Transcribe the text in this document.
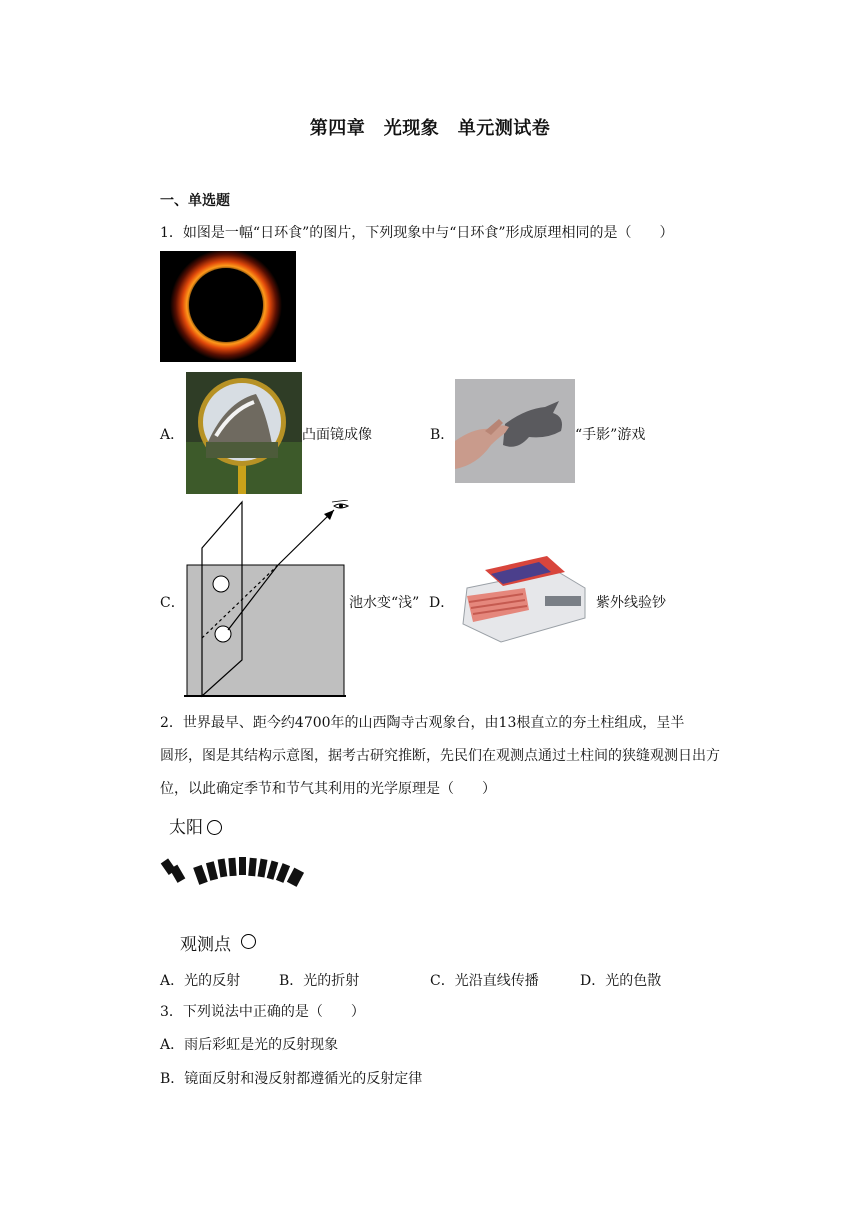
第四章　光现象　单元测试卷
一、单选题
1．如图是一幅“日环食”的图片，下列现象中与“日环食”形成原理相同的是（　　）
A．	凸面镜成像	B．	“手影”游戏
C．	池水变“浅” D．	紫外线验钞
2．世界最早、距今约4700年的山西陶寺古观象台，由13根直立的夯土柱组成，呈半
圆形，图是其结构示意图，据考古研究推断，先民们在观测点通过土柱间的狭缝观测日出方
位，以此确定季节和节气其利用的光学原理是（　　）
太阳
观测点
A．光的反射	B．光的折射	C．光沿直线传播	D．光的色散
3．下列说法中正确的是（　　）
A．雨后彩虹是光的反射现象
B．镜面反射和漫反射都遵循光的反射定律
